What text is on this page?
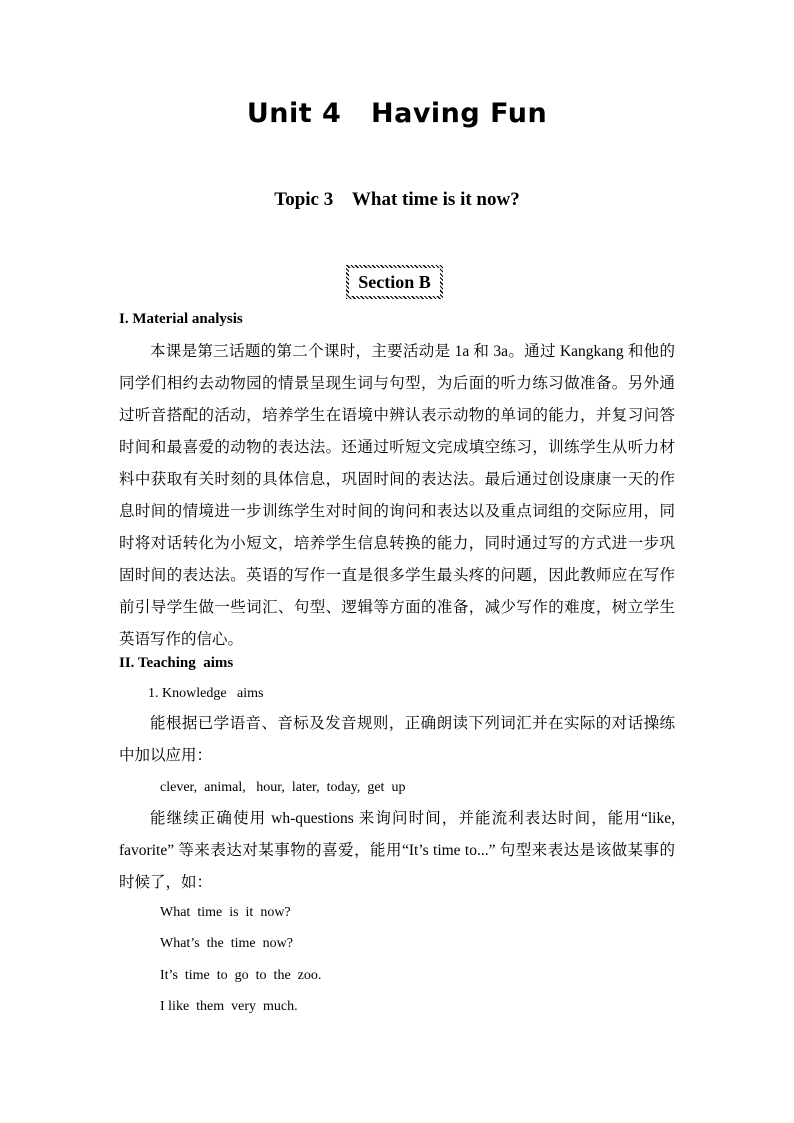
Unit 4   Having Fun
Topic 3    What time is it now?
Section B
I. Material analysis
本课是第三话题的第二个课时，主要活动是 1a 和 3a。通过 Kangkang 和他的同学们相约去动物园的情景呈现生词与句型，为后面的听力练习做准备。另外通过听音搭配的活动，培养学生在语境中辨认表示动物的单词的能力，并复习问答时间和最喜爱的动物的表达法。还通过听短文完成填空练习，训练学生从听力材料中获取有关时刻的具体信息，巩固时间的表达法。最后通过创设康康一天的作息时间的情境进一步训练学生对时间的询问和表达以及重点词组的交际应用，同时将对话转化为小短文，培养学生信息转换的能力，同时通过写的方式进一步巩固时间的表达法。英语的写作一直是很多学生最头疼的问题，因此教师应在写作前引导学生做一些词汇、句型、逻辑等方面的准备，减少写作的难度，树立学生英语写作的信心。
II. Teaching  aims
1. Knowledge   aims
能根据已学语音、音标及发音规则，正确朗读下列词汇并在实际的对话操练中加以应用：
clever,  animal,   hour,  later,  today,  get  up
能继续正确使用 wh-questions 来询问时间，并能流利表达时间，能用“like, favorite” 等来表达对某事物的喜爱，能用“It’s time to...” 句型来表达是该做某事的时候了，如：
What  time  is  it  now?
What’s  the  time  now?
It’s  time  to  go  to  the  zoo.
I like  them  very  much.
